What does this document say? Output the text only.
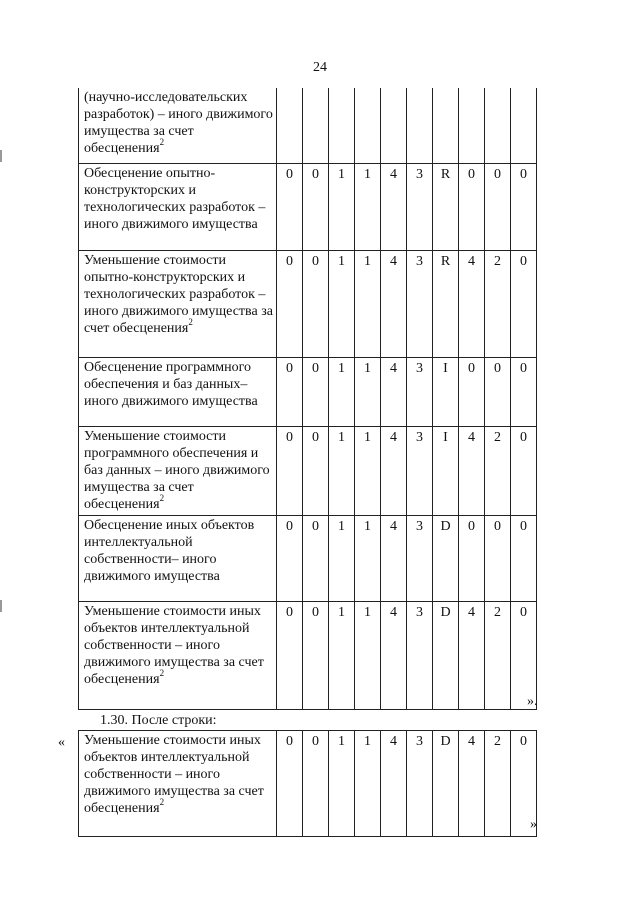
24
(научно-исследовательских разработок) – иного движимого имущества за счет обесценения$^2$										
Обесценение опытно-конструкторских и технологических разработок – иного движимого имущества	0	0	1	1	4	3	R	0	0	0
Уменьшение стоимости опытно-конструкторских и технологических разработок – иного движимого имущества за счет обесценения$^2$	0	0	1	1	4	3	R	4	2	0
Обесценение программного обеспечения и баз данных– иного движимого имущества	0	0	1	1	4	3	I	0	0	0
Уменьшение стоимости программного обеспечения и баз данных – иного движимого имущества за счет обесценения$^2$	0	0	1	1	4	3	I	4	2	0
Обесценение иных объектов интеллектуальной собственности– иного движимого имущества	0	0	1	1	4	3	D	0	0	0
Уменьшение стоимости иных объектов интеллектуальной собственности – иного движимого имущества за счет обесценения$^2$	0	0	1	1	4	3	D	4	2	0
».
1.30. После строки:
« Уменьшение стоимости иных объектов интеллектуальной собственности – иного движимого имущества за счет обесценения$^2$	0	0	1	1	4	3	D	4	2	0
»
